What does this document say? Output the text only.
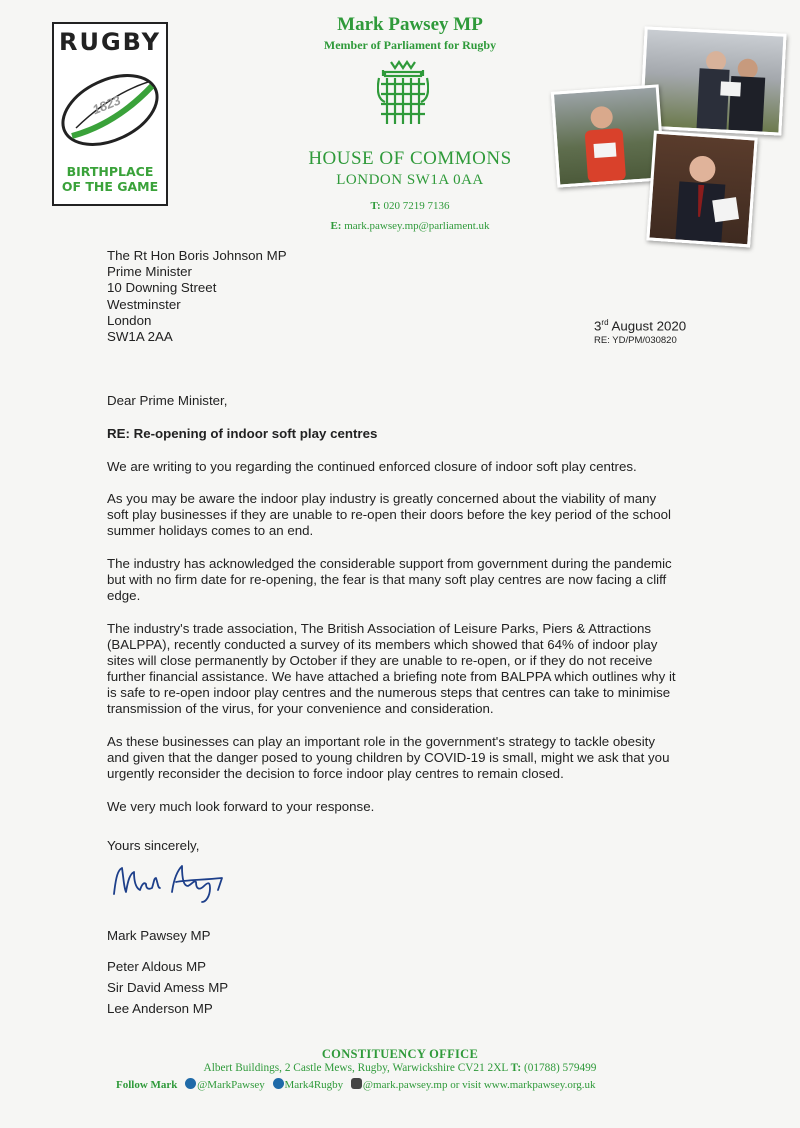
RUGBY
1823
BIRTHPLACE
OF THE GAME
Mark Pawsey MP
Member of Parliament for Rugby
HOUSE OF COMMONS
LONDON SW1A 0AA
T: 020 7219 7136
E: mark.pawsey.mp@parliament.uk
The Rt Hon Boris Johnson MP
Prime Minister
10 Downing Street
Westminster
London
SW1A 2AA
3rd August 2020
RE: YD/PM/030820

Dear Prime Minister,

RE: Re-opening of indoor soft play centres

We are writing to you regarding the continued enforced closure of indoor soft play centres.

As you may be aware the indoor play industry is greatly concerned about the viability of many
soft play businesses if they are unable to re-open their doors before the key period of the school
summer holidays comes to an end.

The industry has acknowledged the considerable support from government during the pandemic
but with no firm date for re-opening, the fear is that many soft play centres are now facing a cliff
edge.

The industry's trade association, The British Association of Leisure Parks, Piers & Attractions
(BALPPA), recently conducted a survey of its members which showed that 64% of indoor play
sites will close permanently by October if they are unable to re-open, or if they do not receive
further financial assistance. We have attached a briefing note from BALPPA which outlines why it
is safe to re-open indoor play centres and the numerous steps that centres can take to minimise
transmission of the virus, for your convenience and consideration.

As these businesses can play an important role in the government's strategy to tackle obesity
and given that the danger posed to young children by COVID-19 is small, might we ask that you
urgently reconsider the decision to force indoor play centres to remain closed.

We very much look forward to your response.

Yours sincerely,
Mark Pawsey MP
Peter Aldous MP
Sir David Amess MP
Lee Anderson MP
CONSTITUENCY OFFICE
Albert Buildings, 2 Castle Mews, Rugby, Warwickshire CV21 2XL T: (01788) 579499
Follow Mark @MarkPawsey Mark4Rugby @mark.pawsey.mp or visit www.markpawsey.org.uk
